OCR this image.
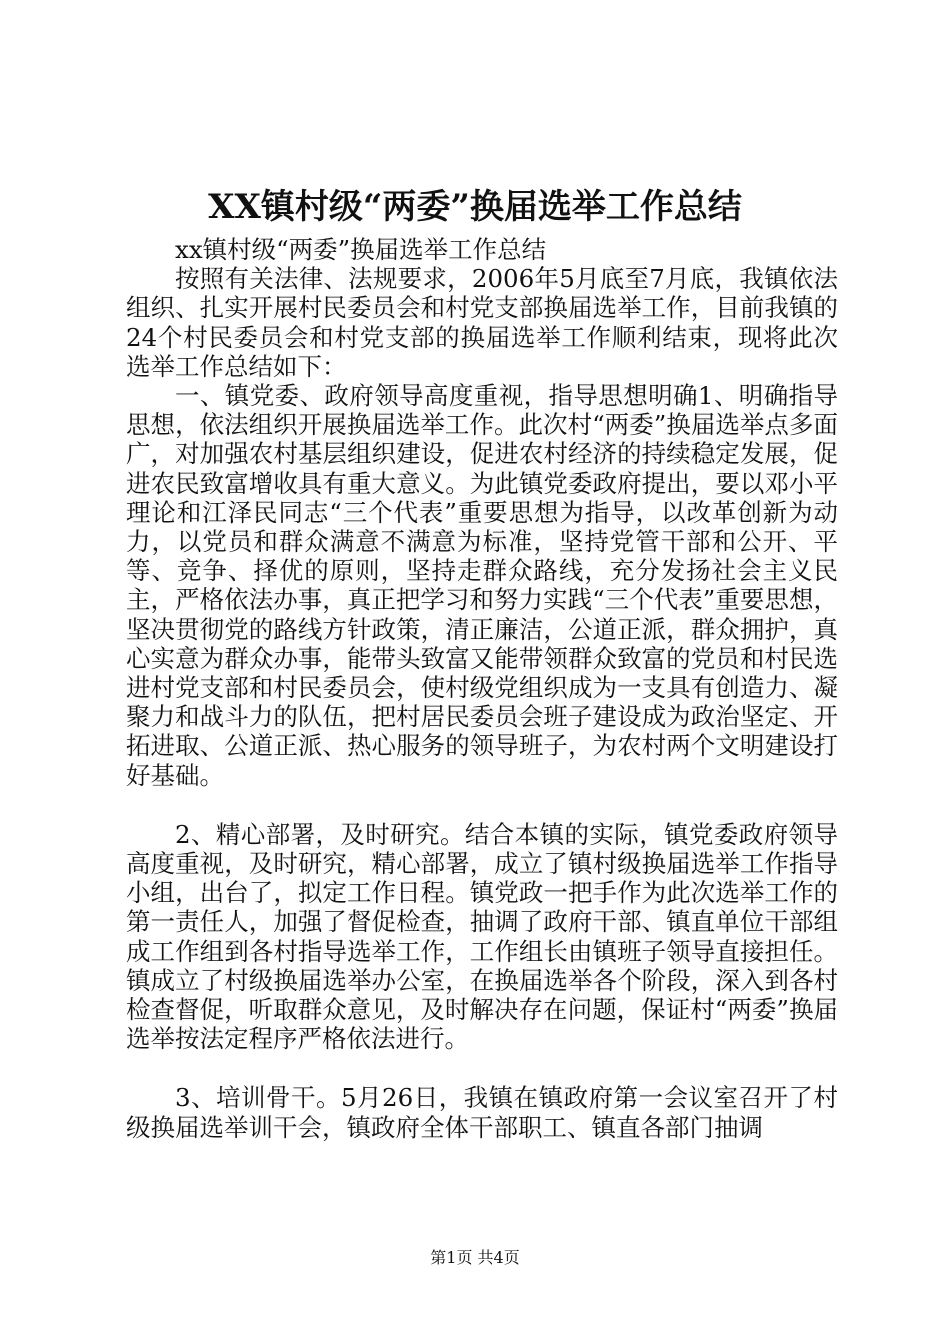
XX镇村级“两委”换届选举工作总结

xx镇村级“两委”换届选举工作总结

按照有关法律、法规要求，2006年5月底至7月底，我镇依法组织、扎实开展村民委员会和村党支部换届选举工作，目前我镇的24个村民委员会和村党支部的换届选举工作顺利结束，现将此次选举工作总结如下：

一、镇党委、政府领导高度重视，指导思想明确1、明确指导思想，依法组织开展换届选举工作。此次村“两委”换届选举点多面广，对加强农村基层组织建设，促进农村经济的持续稳定发展，促进农民致富增收具有重大意义。为此镇党委政府提出，要以邓小平理论和江泽民同志“三个代表”重要思想为指导，以改革创新为动力，以党员和群众满意不满意为标准，坚持党管干部和公开、平等、竞争、择优的原则，坚持走群众路线，充分发扬社会主义民主，严格依法办事，真正把学习和努力实践“三个代表”重要思想，坚决贯彻党的路线方针政策，清正廉洁，公道正派，群众拥护，真心实意为群众办事，能带头致富又能带领群众致富的党员和村民选进村党支部和村民委员会，使村级党组织成为一支具有创造力、凝聚力和战斗力的队伍，把村居民委员会班子建设成为政治坚定、开拓进取、公道正派、热心服务的领导班子，为农村两个文明建设打好基础。

2、精心部署，及时研究。结合本镇的实际，镇党委政府领导高度重视，及时研究，精心部署，成立了镇村级换届选举工作指导小组，出台了，拟定工作日程。镇党政一把手作为此次选举工作的第一责任人，加强了督促检查，抽调了政府干部、镇直单位干部组成工作组到各村指导选举工作，工作组长由镇班子领导直接担任。镇成立了村级换届选举办公室，在换届选举各个阶段，深入到各村检查督促，听取群众意见，及时解决存在问题，保证村“两委”换届选举按法定程序严格依法进行。

3、培训骨干。5月26日，我镇在镇政府第一会议室召开了村级换届选举训干会，镇政府全体干部职工、镇直各部门抽调

第1页 共4页
